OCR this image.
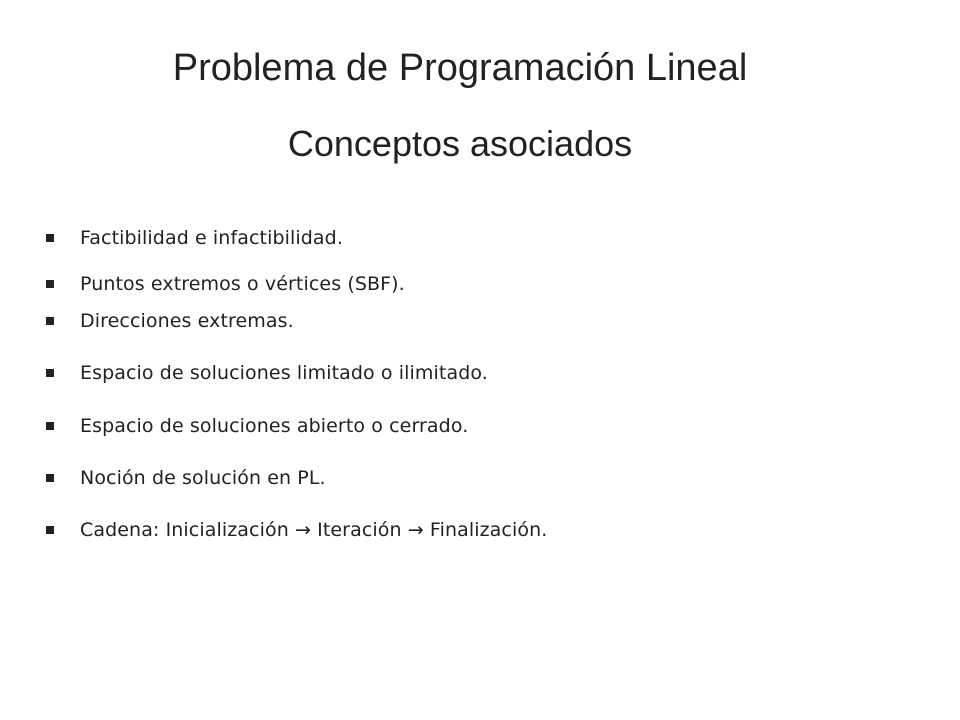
Problema de Programación Lineal
Conceptos asociados
Factibilidad e infactibilidad.
Puntos extremos o vértices (SBF).
Direcciones extremas.
Espacio de soluciones limitado o ilimitado.
Espacio de soluciones abierto o cerrado.
Noción de solución en PL.
Cadena: Inicialización → Iteración → Finalización.
